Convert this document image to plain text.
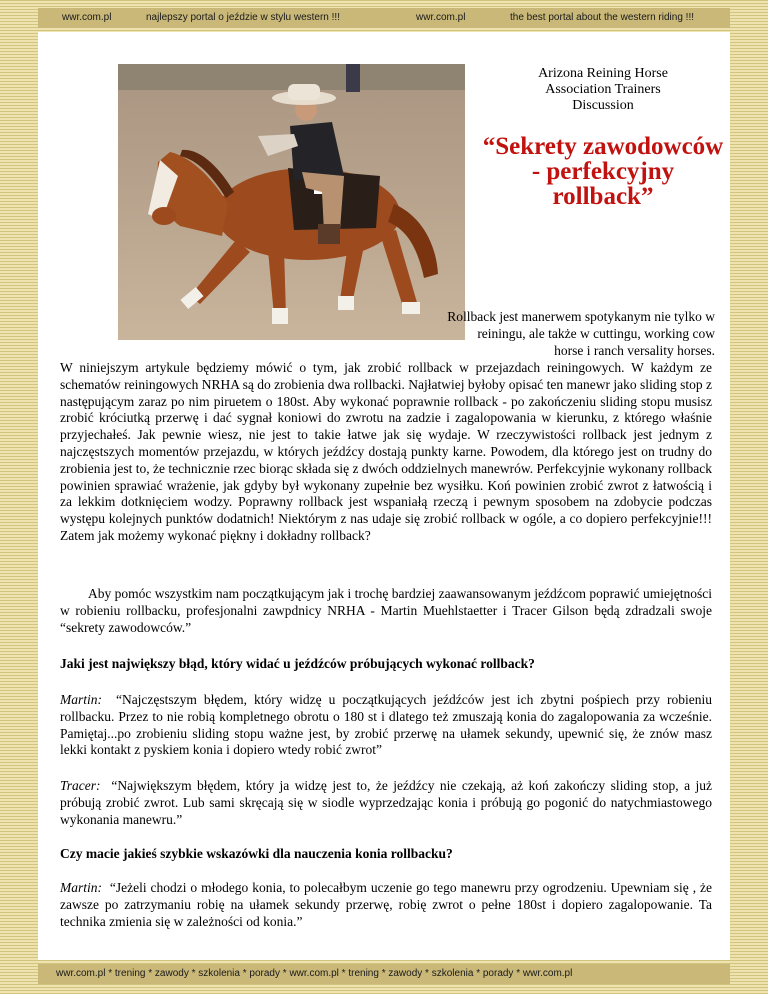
wwr.com.pl	najlepszy portal o jeździe w stylu western !!!	wwr.com.pl	the best portal about the western riding !!!
Arizona Reining Horse
Association Trainers
Discussion
“Sekrety zawodowców - perfekcyjny rollback”

Rollback jest manerwem spotykanym nie tylko w reiningu, ale także w cuttingu, working cow horse i ranch versality horses.

W niniejszym artykule będziemy mówić o tym, jak zrobić rollback w przejazdach reiningowych. W każdym ze schematów reiningowych NRHA są do zrobienia dwa rollbacki. Najłatwiej byłoby opisać ten manewr jako sliding stop z następującym zaraz po nim piruetem o 180st. Aby wykonać poprawnie rollback - po zakończeniu sliding stopu musisz zrobić króciutką przerwę i dać sygnał koniowi do zwrotu na zadzie i zagalopowania w kierunku, z którego właśnie przyjechałeś. Jak pewnie wiesz, nie jest to takie łatwe jak się wydaje. W rzeczywistości rollback jest jednym z najczęstszych momentów przejazdu, w których jeźdźcy dostają punkty karne. Powodem, dla którego jest on trudny do zrobienia jest to, że technicznie rzec biorąc składa się z dwóch oddzielnych manewrów. Perfekcyjnie wykonany rollback powinien sprawiać wrażenie, jak gdyby był wykonany zupełnie bez wysiłku. Koń powinien zrobić zwrot z łatwością i za lekkim dotknięciem wodzy. Poprawny rollback jest wspaniałą rzeczą i pewnym sposobem na zdobycie podczas występu kolejnych punktów dodatnich! Niektórym z nas udaje się zrobić rollback w ogóle, a co dopiero perfekcyjnie!!! Zatem jak możemy wykonać piękny i dokładny rollback?

Aby pomóc wszystkim nam początkującym jak i trochę bardziej zaawansowanym jeźdźcom poprawić umiejętności w robieniu rollbacku, profesjonalni zawpdnicy NRHA - Martin Muehlstaetter i Tracer Gilson będą zdradzali swoje “sekrety zawodowców.”

Jaki jest największy błąd, który widać u jeźdźców próbujących wykonać rollback?

Martin: “Najczęstszym błędem, który widzę u początkujących jeźdźców jest ich zbytni pośpiech przy robieniu rollbacku. Przez to nie robią kompletnego obrotu o 180 st i dlatego też zmuszają konia do zagalopowania za wcześnie. Pamiętaj...po zrobieniu sliding stopu ważne jest, by zrobić przerwę na ułamek sekundy, upewnić się, że znów masz lekki kontakt z pyskiem konia i dopiero wtedy robić zwrot”

Tracer: “Największym błędem, który ja widzę jest to, że jeźdźcy nie czekają, aż koń zakończy sliding stop, a już próbują zrobić zwrot. Lub sami skręcają się w siodle wyprzedzając konia i próbują go pogonić do natychmiastowego wykonania manewru.”

Czy macie jakieś szybkie wskazówki dla nauczenia konia rollbacku?

Martin: “Jeżeli chodzi o młodego konia, to polecałbym uczenie go tego manewru przy ogrodzeniu. Upewniam się , że zawsze po zatrzymaniu robię na ułamek sekundy przerwę, robię zwrot o pełne 180st i dopiero zagalopowanie. Ta technika zmienia się w zależności od konia.”

wwr.com.pl * trening * zawody * szkolenia * porady * wwr.com.pl * trening * zawody * szkolenia * porady * wwr.com.pl
